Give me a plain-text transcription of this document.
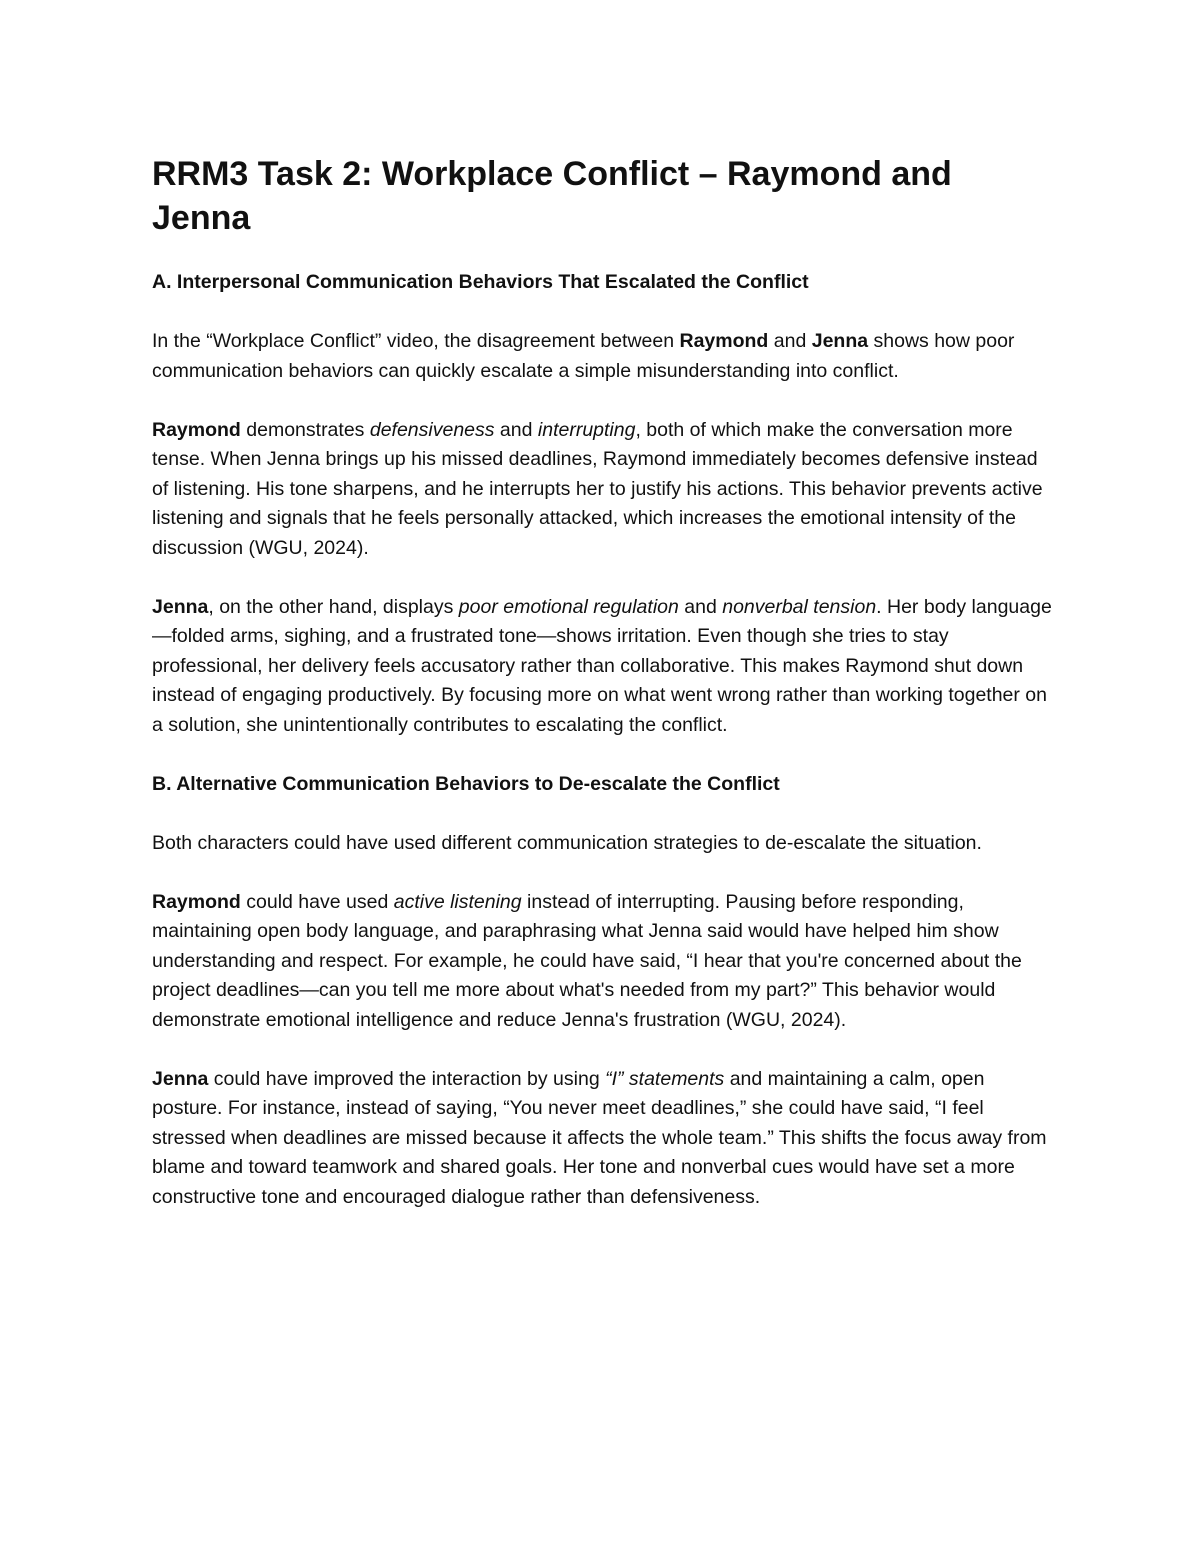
RRM3 Task 2: Workplace Conflict – Raymond and Jenna
A. Interpersonal Communication Behaviors That Escalated the Conflict

In the “Workplace Conflict” video, the disagreement between Raymond and Jenna shows how poor communication behaviors can quickly escalate a simple misunderstanding into conflict.

Raymond demonstrates defensiveness and interrupting, both of which make the conversation more tense. When Jenna brings up his missed deadlines, Raymond immediately becomes defensive instead of listening. His tone sharpens, and he interrupts her to justify his actions. This behavior prevents active listening and signals that he feels personally attacked, which increases the emotional intensity of the discussion (WGU, 2024).

Jenna, on the other hand, displays poor emotional regulation and nonverbal tension. Her body language—folded arms, sighing, and a frustrated tone—shows irritation. Even though she tries to stay professional, her delivery feels accusatory rather than collaborative. This makes Raymond shut down instead of engaging productively. By focusing more on what went wrong rather than working together on a solution, she unintentionally contributes to escalating the conflict.

B. Alternative Communication Behaviors to De-escalate the Conflict

Both characters could have used different communication strategies to de-escalate the situation.

Raymond could have used active listening instead of interrupting. Pausing before responding, maintaining open body language, and paraphrasing what Jenna said would have helped him show understanding and respect. For example, he could have said, “I hear that you're concerned about the project deadlines—can you tell me more about what's needed from my part?” This behavior would demonstrate emotional intelligence and reduce Jenna's frustration (WGU, 2024).

Jenna could have improved the interaction by using “I” statements and maintaining a calm, open posture. For instance, instead of saying, “You never meet deadlines,” she could have said, “I feel stressed when deadlines are missed because it affects the whole team.” This shifts the focus away from blame and toward teamwork and shared goals. Her tone and nonverbal cues would have set a more constructive tone and encouraged dialogue rather than defensiveness.
